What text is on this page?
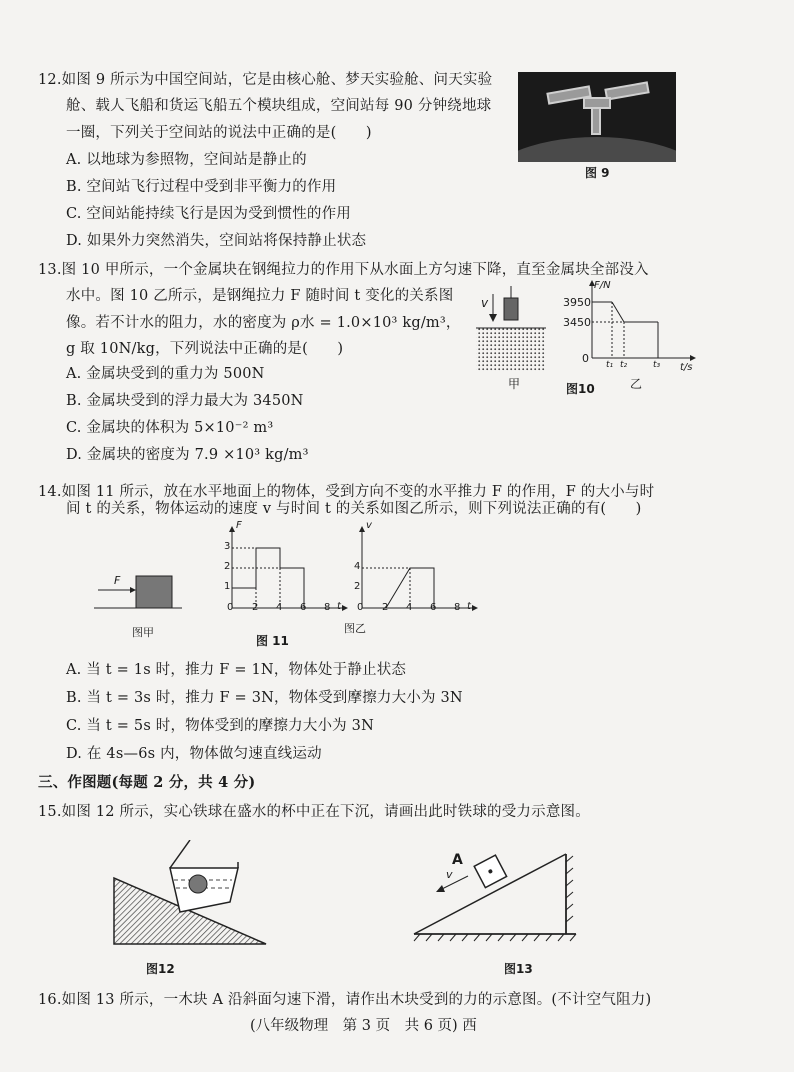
12.如图 9 所示为中国空间站，它是由核心舱、梦天实验舱、问天实验
舱、载人飞船和货运飞船五个模块组成，空间站每 90 分钟绕地球
一圈，下列关于空间站的说法中正确的是(　　)
A. 以地球为参照物，空间站是静止的
B. 空间站飞行过程中受到非平衡力的作用
C. 空间站能持续飞行是因为受到惯性的作用
D. 如果外力突然消失，空间站将保持静止状态
图 9
13.图 10 甲所示，一个金属块在钢绳拉力的作用下从水面上方匀速下降，直至金属块全部没入
水中。图 10 乙所示，是钢绳拉力 F 随时间 t 变化的关系图
像。若不计水的阻力，水的密度为 ρ水 = 1.0×10³ kg/m³，
g 取 10N/kg，下列说法中正确的是(　　)
A. 金属块受到的重力为 500N
B. 金属块受到的浮力最大为 3450N
C. 金属块的体积为 5×10⁻² m³
D. 金属块的密度为 7.9 ×10³ kg/m³
v
甲
F/N
3950
3450
0 t₁ t₂	t₃ t/s
乙
图10
14.如图 11 所示，放在水平地面上的物体，受到方向不变的水平推力 F 的作用，F 的大小与时
间 t 的关系，物体运动的速度 v 与时间 t 的关系如图乙所示，则下列说法正确的有(　　)
F
图甲
F
3
2
1
0 2 4 6 8 t
图 11
v
4
2
0 2 4 6 8 t
图乙
A. 当 t = 1s 时，推力 F = 1N，物体处于静止状态
B. 当 t = 3s 时，推力 F = 3N，物体受到摩擦力大小为 3N
C. 当 t = 5s 时，物体受到的摩擦力大小为 3N
D. 在 4s—6s 内，物体做匀速直线运动
三、作图题(每题 2 分，共 4 分)
15.如图 12 所示，实心铁球在盛水的杯中正在下沉，请画出此时铁球的受力示意图。
图12
A
v
图13
16.如图 13 所示，一木块 A 沿斜面匀速下滑，请作出木块受到的力的示意图。(不计空气阻力)
(八年级物理　第 3 页　共 6 页) 西
